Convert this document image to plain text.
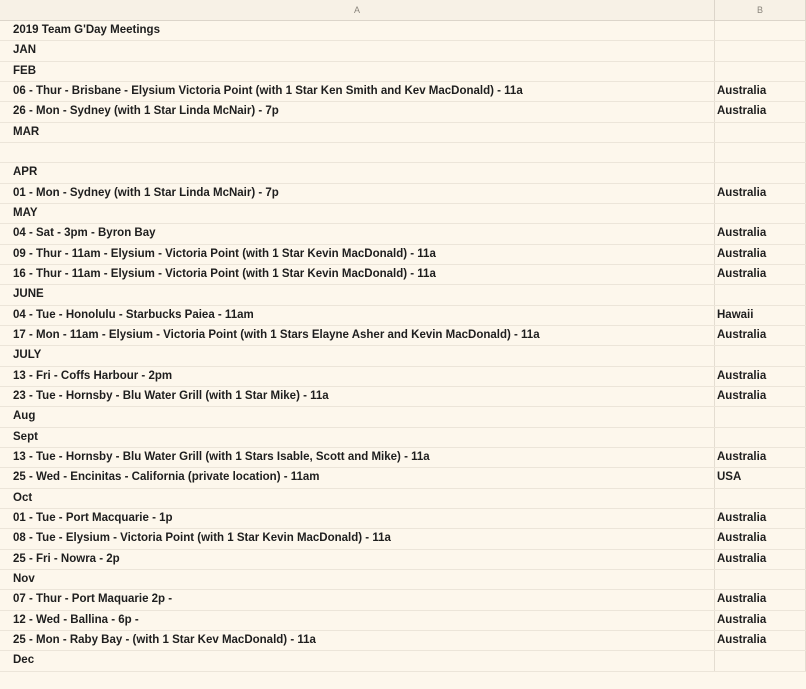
A	B
2019 Team G'Day Meetings
JAN
FEB
06 - Thur - Brisbane - Elysium Victoria Point (with 1 Star Ken Smith and Kev MacDonald) - 11a	Australia
26 - Mon - Sydney (with 1 Star Linda McNair) - 7p	Australia
MAR
APR
01 - Mon - Sydney (with 1 Star Linda McNair) - 7p	Australia
MAY
04 - Sat - 3pm - Byron Bay	Australia
09 - Thur - 11am - Elysium - Victoria Point (with 1 Star Kevin MacDonald) - 11a	Australia
16 - Thur - 11am - Elysium - Victoria Point (with 1 Star Kevin MacDonald) - 11a	Australia
JUNE
04 - Tue - Honolulu - Starbucks Paiea - 11am	Hawaii
17 - Mon - 11am - Elysium - Victoria Point (with 1 Stars Elayne Asher and Kevin MacDonald) - 11a	Australia
JULY
13 - Fri - Coffs Harbour - 2pm	Australia
23 - Tue - Hornsby - Blu Water Grill (with 1 Star Mike) - 11a	Australia
Aug
Sept
13 - Tue - Hornsby - Blu Water Grill (with 1 Stars Isable, Scott and Mike) - 11a	Australia
25 - Wed - Encinitas - California (private location) - 11am	USA
Oct
01 - Tue - Port Macquarie - 1p	Australia
08 - Tue - Elysium - Victoria Point (with 1 Star Kevin MacDonald) - 11a	Australia
25 - Fri - Nowra - 2p	Australia
Nov
07 - Thur - Port Maquarie 2p -	Australia
12 - Wed - Ballina - 6p -	Australia
25 - Mon - Raby Bay - (with 1 Star Kev MacDonald) - 11a	Australia
Dec
